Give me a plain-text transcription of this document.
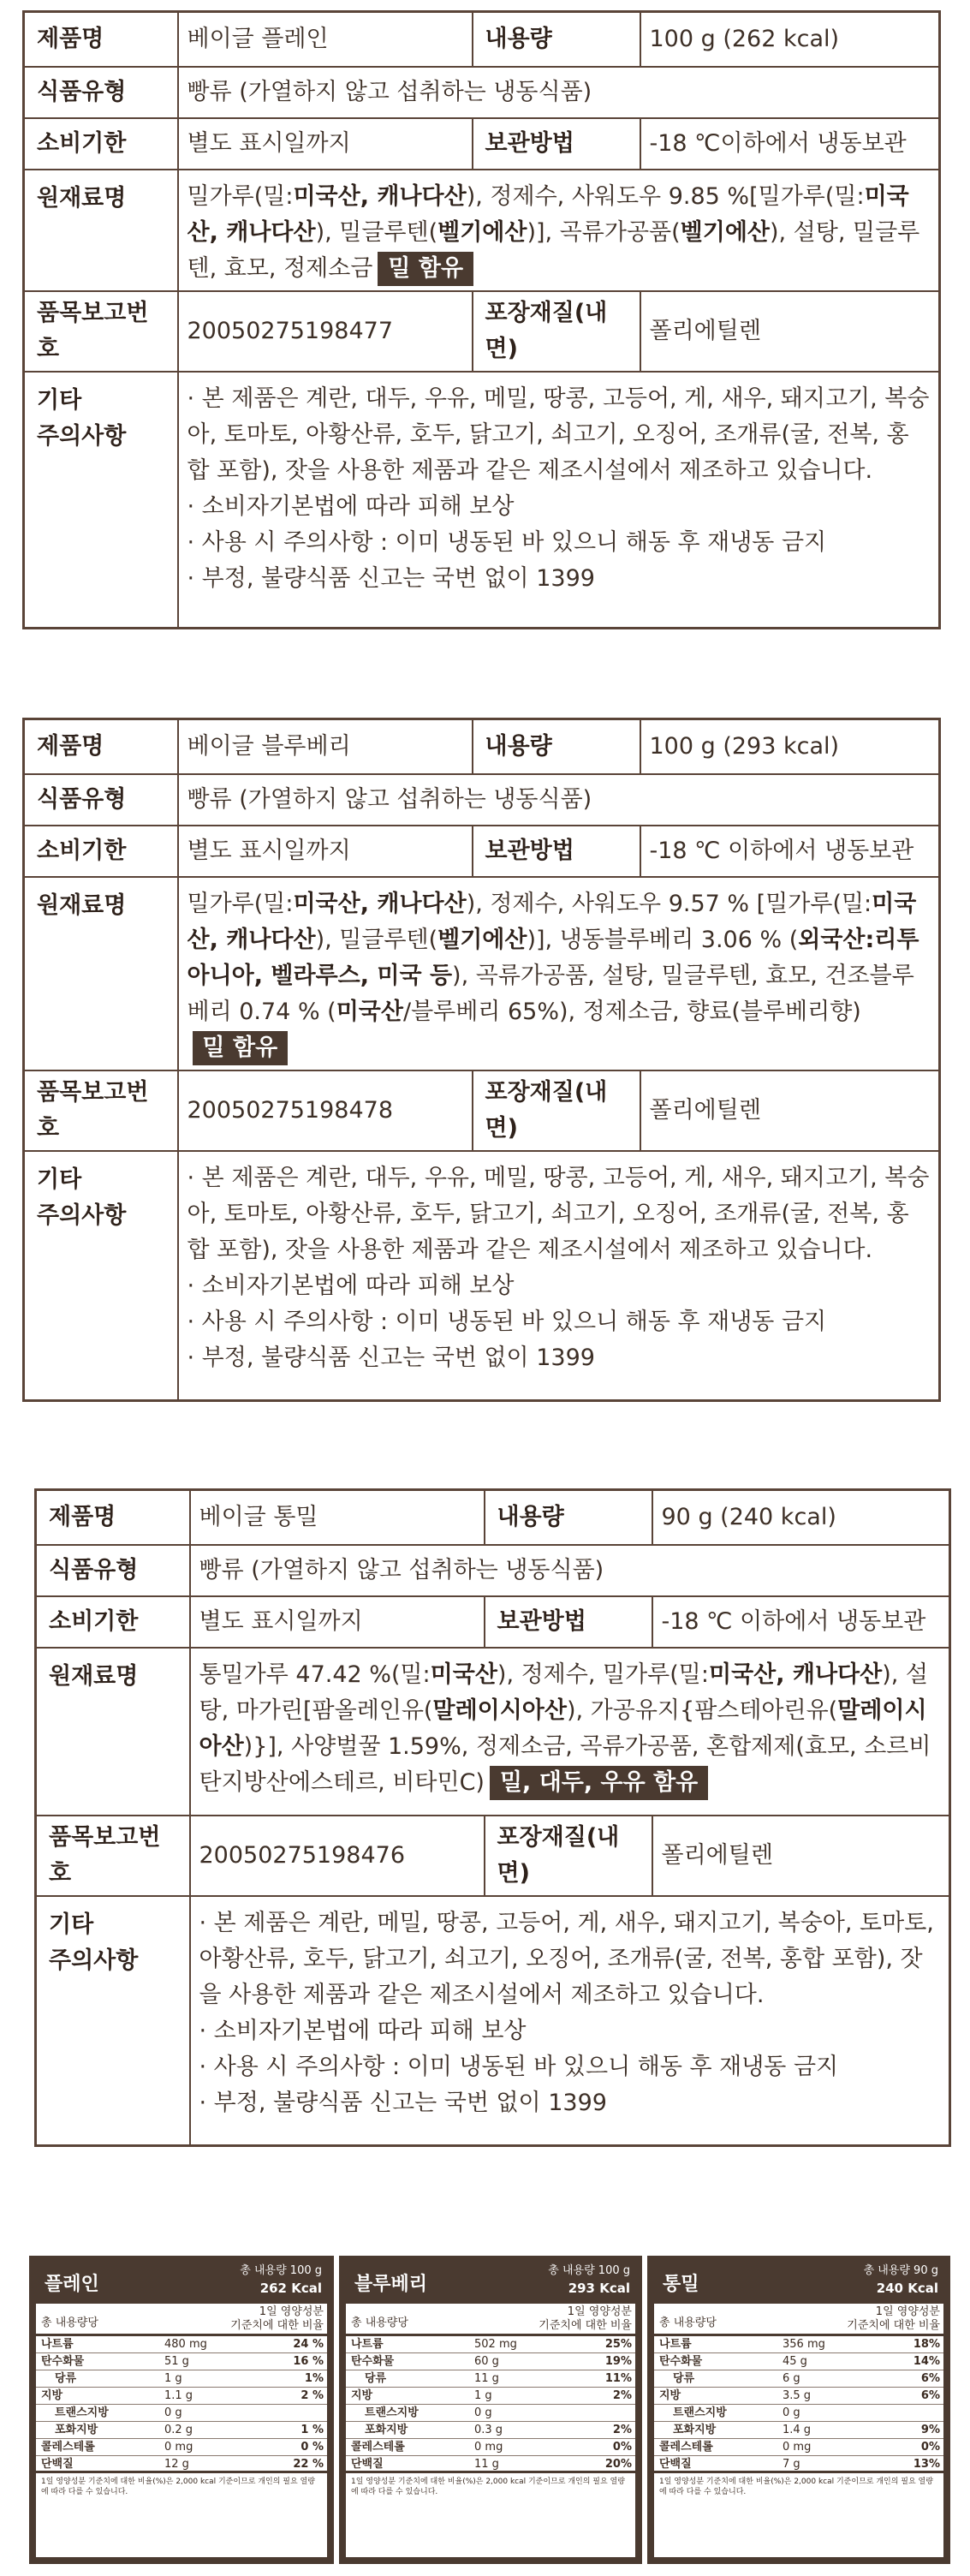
제품명	베이글 플레인	내용량	100 g (262 kcal)
식품유형	빵류 (가열하지 않고 섭취하는 냉동식품)		
소비기한	별도 표시일까지	보관방법	-18 ℃이하에서 냉동보관
원재료명	밀가루(밀:미국산, 캐나다산), 정제수, 사워도우 9.85 %[밀가루(밀:미국산, 캐나다산), 밀글루텐(벨기에산)], 곡류가공품(벨기에산), 설탕, 밀글루텐, 효모, 정제소금 밀 함유		
품목보고번호	20050275198477	포장재질(내면)	폴리에틸렌
기타
주의사항	· 본 제품은 계란, 대두, 우유, 메밀, 땅콩, 고등어, 게, 새우, 돼지고기, 복숭아, 토마토, 아황산류, 호두, 닭고기, 쇠고기, 오징어, 조개류(굴, 전복, 홍합 포함), 잣을 사용한 제품과 같은 제조시설에서 제조하고 있습니다.
· 소비자기본법에 따라 피해 보상
· 사용 시 주의사항 : 이미 냉동된 바 있으니 해동 후 재냉동 금지
· 부정, 불량식품 신고는 국번 없이 1399		
제품명	베이글 블루베리	내용량	100 g (293 kcal)
식품유형	빵류 (가열하지 않고 섭취하는 냉동식품)		
소비기한	별도 표시일까지	보관방법	-18 ℃ 이하에서 냉동보관
원재료명	밀가루(밀:미국산, 캐나다산), 정제수, 사워도우 9.57 % [밀가루(밀:미국산, 캐나다산), 밀글루텐(벨기에산)], 냉동블루베리 3.06 % (외국산:리투아니아, 벨라루스, 미국 등), 곡류가공품, 설탕, 밀글루텐, 효모, 건조블루베리 0.74 % (미국산/블루베리 65%), 정제소금, 향료(블루베리향)밀 함유		
품목보고번호	20050275198478	포장재질(내면)	폴리에틸렌
기타
주의사항	· 본 제품은 계란, 대두, 우유, 메밀, 땅콩, 고등어, 게, 새우, 돼지고기, 복숭아, 토마토, 아황산류, 호두, 닭고기, 쇠고기, 오징어, 조개류(굴, 전복, 홍합 포함), 잣을 사용한 제품과 같은 제조시설에서 제조하고 있습니다.
· 소비자기본법에 따라 피해 보상
· 사용 시 주의사항 : 이미 냉동된 바 있으니 해동 후 재냉동 금지
· 부정, 불량식품 신고는 국번 없이 1399		
제품명	베이글 통밀	내용량	90 g (240 kcal)
식품유형	빵류 (가열하지 않고 섭취하는 냉동식품)		
소비기한	별도 표시일까지	보관방법	-18 ℃ 이하에서 냉동보관
원재료명	통밀가루 47.42 %(밀:미국산), 정제수, 밀가루(밀:미국산, 캐나다산), 설탕, 마가린[팜올레인유(말레이시아산), 가공유지{팜스테아린유(말레이시아산)}], 사양벌꿀 1.59%, 정제소금, 곡류가공품, 혼합제제(효모, 소르비탄지방산에스테르, 비타민C) 밀, 대두, 우유 함유		
품목보고번호	20050275198476	포장재질(내면)	폴리에틸렌
기타
주의사항	· 본 제품은 계란, 메밀, 땅콩, 고등어, 게, 새우, 돼지고기, 복숭아, 토마토, 아황산류, 호두, 닭고기, 쇠고기, 오징어, 조개류(굴, 전복, 홍합 포함), 잣을 사용한 제품과 같은 제조시설에서 제조하고 있습니다.
· 소비자기본법에 따라 피해 보상
· 사용 시 주의사항 : 이미 냉동된 바 있으니 해동 후 재냉동 금지
· 부정, 불량식품 신고는 국번 없이 1399		
플레인
총 내용량 100 g
262 Kcal
총 내용량당
1일 영양성분
기준치에 대한 비율
나트륨	480 mg	24 %
탄수화물	51 g	16 %
당류	1 g	1%
지방	1.1 g	2 %
트랜스지방	0 g
포화지방	0.2 g	1 %
콜레스테롤	0 mg	0 %
단백질	12 g	22 %
1일 영양성분 기준치에 대한 비율(%)은 2,000 kcal 기준이므로 개인의 필요 열량에 따라 다를 수 있습니다.
블루베리
총 내용량 100 g
293 Kcal
총 내용량당
1일 영양성분
기준치에 대한 비율
나트륨	502 mg	25%
탄수화물	60 g	19%
당류	11 g	11%
지방	1 g	2%
트랜스지방	0 g
포화지방	0.3 g	2%
콜레스테롤	0 mg	0%
단백질	11 g	20%
1일 영양성분 기준치에 대한 비율(%)은 2,000 kcal 기준이므로 개인의 필요 열량에 따라 다를 수 있습니다.
통밀
총 내용량 90 g
240 Kcal
총 내용량당
1일 영양성분
기준치에 대한 비율
나트륨	356 mg	18%
탄수화물	45 g	14%
당류	6 g	6%
지방	3.5 g	6%
트랜스지방	0 g
포화지방	1.4 g	9%
콜레스테롤	0 mg	0%
단백질	7 g	13%
1일 영양성분 기준치에 대한 비율(%)은 2,000 kcal 기준이므로 개인의 필요 열량에 따라 다를 수 있습니다.
